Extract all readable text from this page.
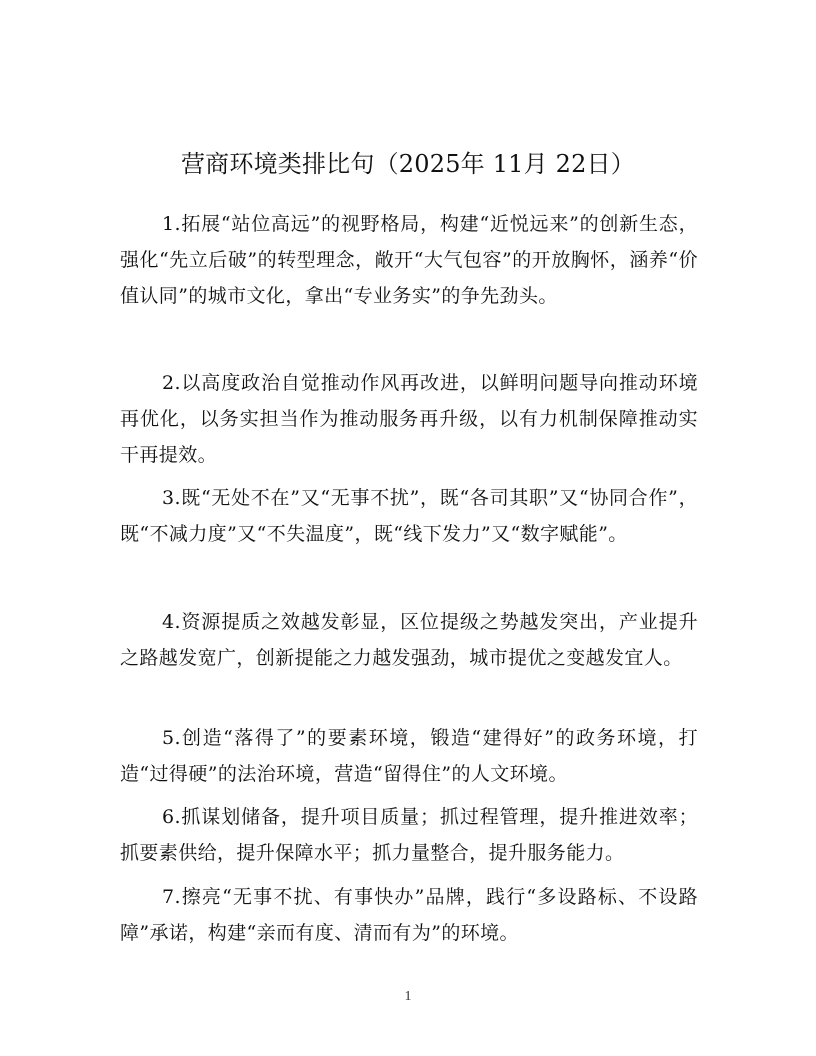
营商环境类排比句（2025年 11月 22日）

1.拓展“站位高远”的视野格局，构建“近悦远来”的创新生态，强化“先立后破”的转型理念，敞开“大气包容”的开放胸怀，涵养“价值认同”的城市文化，拿出“专业务实”的争先劲头。

2.以高度政治自觉推动作风再改进，以鲜明问题导向推动环境再优化，以务实担当作为推动服务再升级，以有力机制保障推动实干再提效。

3.既“无处不在”又“无事不扰”，既“各司其职”又“协同合作”，既“不减力度”又“不失温度”，既“线下发力”又“数字赋能”。

4.资源提质之效越发彰显，区位提级之势越发突出，产业提升之路越发宽广，创新提能之力越发强劲，城市提优之变越发宜人。

5.创造“落得了”的要素环境，锻造“建得好”的政务环境，打造“过得硬”的法治环境，营造“留得住”的人文环境。

6.抓谋划储备，提升项目质量；抓过程管理，提升推进效率；抓要素供给，提升保障水平；抓力量整合，提升服务能力。

7.擦亮“无事不扰、有事快办”品牌，践行“多设路标、不设路障”承诺，构建“亲而有度、清而有为”的环境。

1
